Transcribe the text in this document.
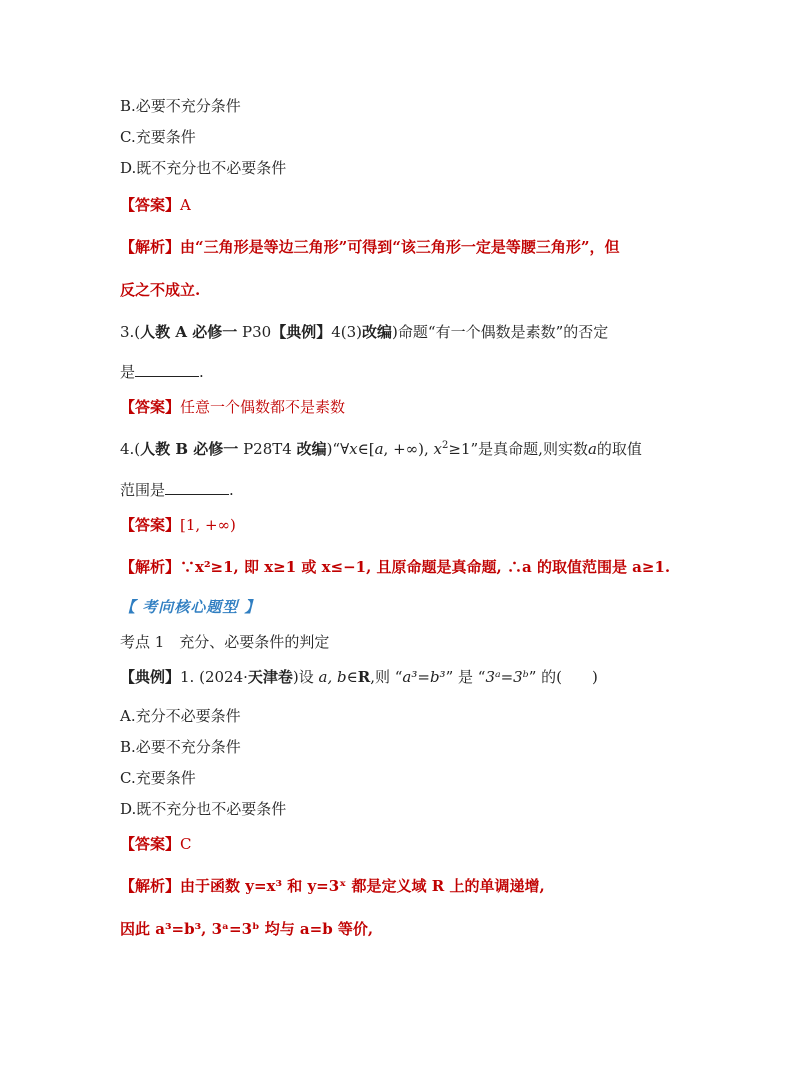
B.必要不充分条件
C.充要条件
D.既不充分也不必要条件
【答案】A
【解析】由“三角形是等边三角形”可得到“该三角形一定是等腰三角形”，但
反之不成立.
3.(人教 A 必修一 P30【典例】4(3)改编)命题“有一个偶数是素数”的否定
是	.
【答案】任意一个偶数都不是素数
4.(人教 B 必修一 P28T4 改编)“∀x∈[a, +∞), $x^2\ge 1$”是真命题,则实数a的取值
范围是	.
【答案】[1, +∞)
【解析】∵x²≥1, 即 x≥1 或 x≤−1, 且原命题是真命题, ∴a 的取值范围是 a≥1.
【 考向核心题型 】
考点 1　充分、必要条件的判定
【典例】1. (2024·天津卷)设 a, b∈R,则 “a³=b³” 是 “3ᵃ=3ᵇ” 的(　　)
A.充分不必要条件
B.必要不充分条件
C.充要条件
D.既不充分也不必要条件
【答案】C
【解析】由于函数 y=x³ 和 y=3ˣ 都是定义域 R 上的单调递增,
因此 a³=b³, 3ᵃ=3ᵇ 均与 a=b 等价,
